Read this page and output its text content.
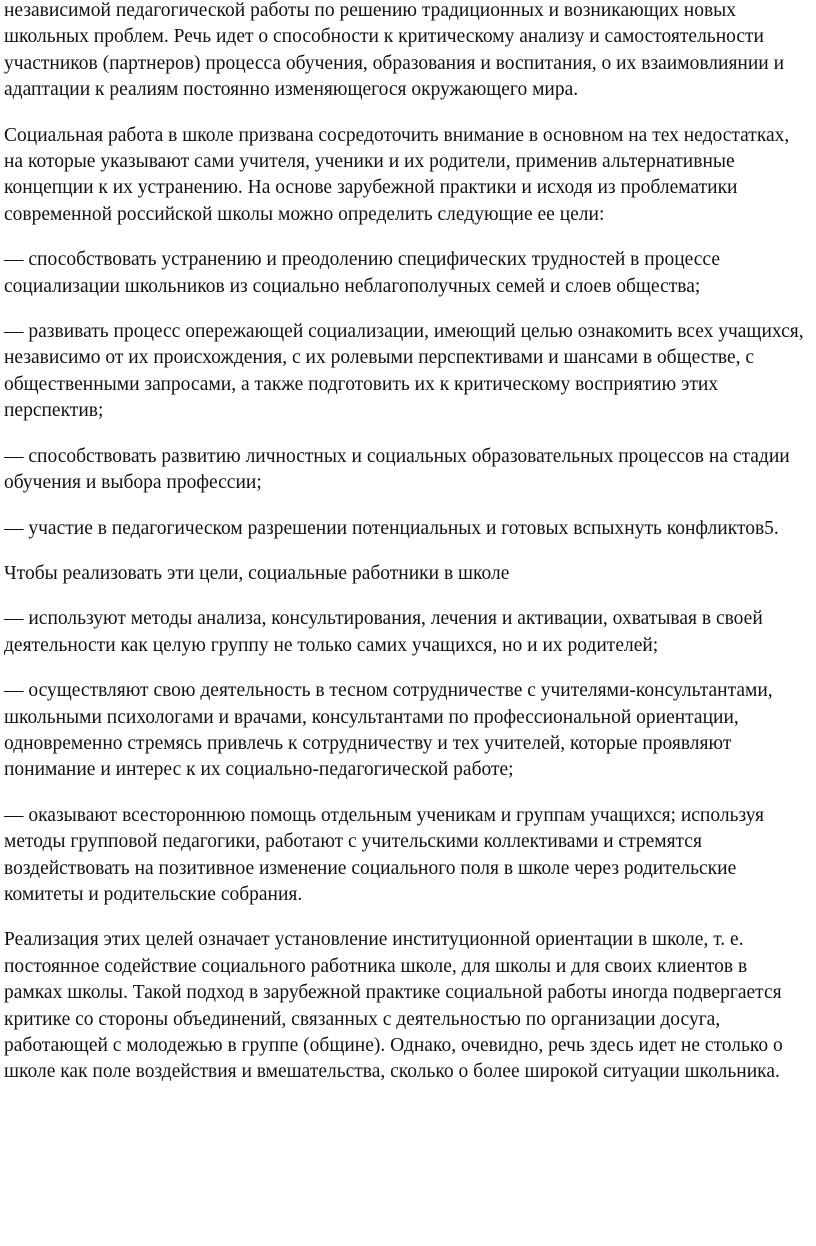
независимой педагогической работы по решению традиционных и возникающих новых школьных проблем. Речь идет о способности к критическому анализу и самостоятельности участников (партнеров) процесса обучения, образования и воспитания, о их взаимовлиянии и адаптации к реалиям постоянно изменяющегося окружающего мира.

Социальная работа в школе призвана сосредоточить внимание в основном на тех недостатках, на которые указывают сами учителя, ученики и их родители, применив альтернативные концепции к их устранению. На основе зарубежной практики и исходя из проблематики современной российской школы можно определить следующие ее цели:

— способствовать устранению и преодолению специфических трудностей в процессе социализации школьников из социально неблагополучных семей и слоев общества;

— развивать процесс опережающей социализации, имеющий целью ознакомить всех учащихся, независимо от их происхождения, с их ролевыми перспективами и шансами в обществе, с общественными запросами, а также подготовить их к критическому восприятию этих перспектив;

— способствовать развитию личностных и социальных образовательных процессов на стадии обучения и выбора профессии;

— участие в педагогическом разрешении потенциальных и готовых вспыхнуть конфликтов5.

Чтобы реализовать эти цели, социальные работники в школе

— используют методы анализа, консультирования, лечения и активации, охватывая в своей деятельности как целую группу не только самих учащихся, но и их родителей;

— осуществляют свою деятельность в тесном сотрудничестве с учителями-консультантами, школьными психологами и врачами, консультантами по профессиональной ориентации, одновременно стремясь привлечь к сотрудничеству и тех учителей, которые проявляют понимание и интерес к их социально-педагогической работе;

— оказывают всестороннюю помощь отдельным ученикам и группам учащихся; используя методы групповой педагогики, работают с учительскими коллективами и стремятся воздействовать на позитивное изменение социального поля в школе через родительские комитеты и родительские собрания.

Реализация этих целей означает установление институционной ориентации в школе, т. е. постоянное содействие социального работника школе, для школы и для своих клиентов в рамках школы. Такой подход в зарубежной практике социальной работы иногда подвергается критике со стороны объединений, связанных с деятельностью по организации досуга, работающей с молодежью в группе (общине). Однако, очевидно, речь здесь идет не столько о школе как поле воздействия и вмешательства, сколько о более широкой ситуации школьника.
